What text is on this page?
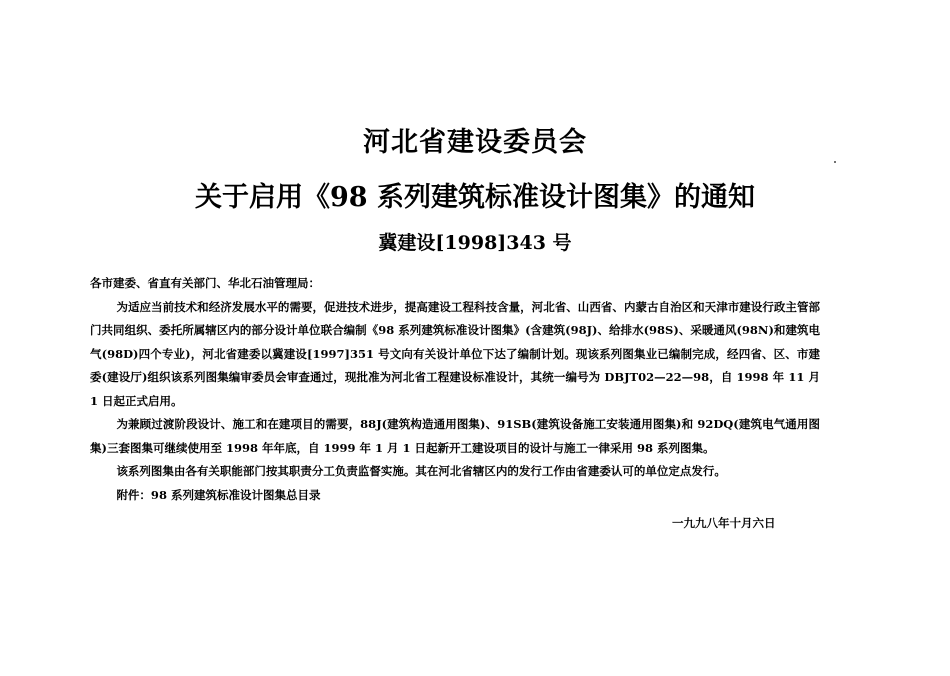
河北省建设委员会
关于启用《98 系列建筑标准设计图集》的通知
冀建设[1998]343 号

各市建委、省直有关部门、华北石油管理局：

为适应当前技术和经济发展水平的需要，促进技术进步，提高建设工程科技含量，河北省、山西省、内蒙古自治区和天津市建设行政主管部门共同组织、委托所属辖区内的部分设计单位联合编制《98 系列建筑标准设计图集》(含建筑(98J)、给排水(98S)、采暖通风(98N)和建筑电气(98D)四个专业)，河北省建委以冀建设[1997]351 号文向有关设计单位下达了编制计划。现该系列图集业已编制完成，经四省、区、市建委(建设厅)组织该系列图集编审委员会审查通过，现批准为河北省工程建设标准设计，其统一编号为 DBJT02—22—98，自 1998 年 11 月 1 日起正式启用。

为兼顾过渡阶段设计、施工和在建项目的需要，88J(建筑构造通用图集)、91SB(建筑设备施工安装通用图集)和 92DQ(建筑电气通用图集)三套图集可继续使用至 1998 年年底，自 1999 年 1 月 1 日起新开工建设项目的设计与施工一律采用 98 系列图集。

该系列图集由各有关职能部门按其职责分工负责监督实施。其在河北省辖区内的发行工作由省建委认可的单位定点发行。

附件：98 系列建筑标准设计图集总目录

一九九八年十月六日
